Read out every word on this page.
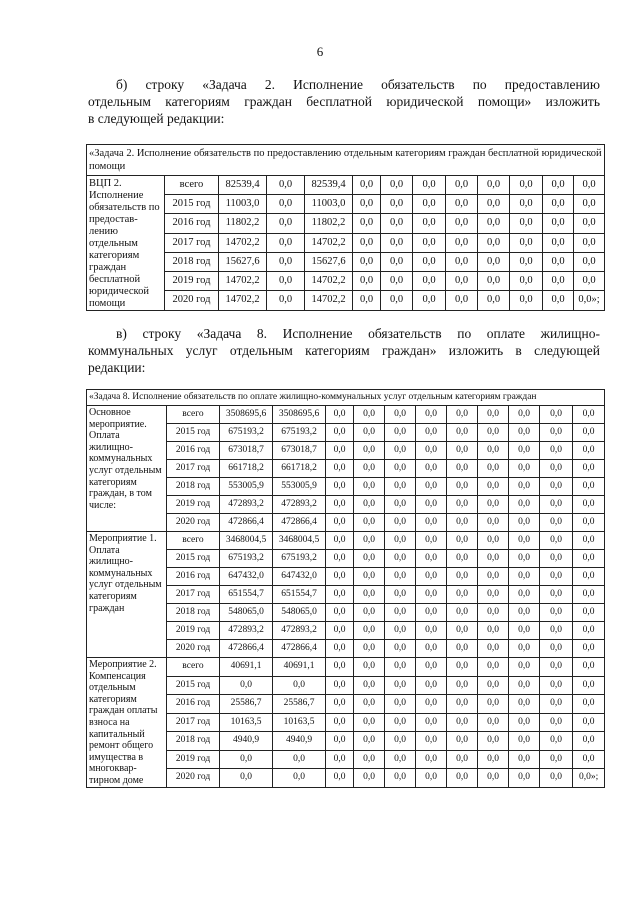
6
б) строку «Задача 2. Исполнение обязательств по предоставлению
отдельным категориям граждан бесплатной юридической помощи» изложить
в следующей редакции:
«Задача 2. Исполнение обязательств по предоставлению отдельным категориям граждан бесплатной юридической помощи												
ВЦП 2. Исполнение обязательств по предостав-лению отдельным категориям граждан бесплатной юридической помощи	всего	82539,4	0,0	82539,4	0,0	0,0	0,0	0,0	0,0	0,0	0,0	0,0
	2015 год	11003,0	0,0	11003,0	0,0	0,0	0,0	0,0	0,0	0,0	0,0	0,0
	2016 год	11802,2	0,0	11802,2	0,0	0,0	0,0	0,0	0,0	0,0	0,0	0,0
	2017 год	14702,2	0,0	14702,2	0,0	0,0	0,0	0,0	0,0	0,0	0,0	0,0
	2018 год	15627,6	0,0	15627,6	0,0	0,0	0,0	0,0	0,0	0,0	0,0	0,0
	2019 год	14702,2	0,0	14702,2	0,0	0,0	0,0	0,0	0,0	0,0	0,0	0,0
	2020 год	14702,2	0,0	14702,2	0,0	0,0	0,0	0,0	0,0	0,0	0,0	0,0»;
в) строку «Задача 8. Исполнение обязательств по оплате жилищно-
коммунальных услуг отдельным категориям граждан» изложить в следующей
редакции:
«Задача 8. Исполнение обязательств по оплате жилищно-коммунальных услуг отдельным категориям граждан												
Основное мероприятие. Оплата жилищно-коммунальных услуг отдельным категориям граждан, в том числе:	всего	3508695,6	3508695,6	0,0	0,0	0,0	0,0	0,0	0,0	0,0	0,0	0,0
	2015 год	675193,2	675193,2	0,0	0,0	0,0	0,0	0,0	0,0	0,0	0,0	0,0
	2016 год	673018,7	673018,7	0,0	0,0	0,0	0,0	0,0	0,0	0,0	0,0	0,0
	2017 год	661718,2	661718,2	0,0	0,0	0,0	0,0	0,0	0,0	0,0	0,0	0,0
	2018 год	553005,9	553005,9	0,0	0,0	0,0	0,0	0,0	0,0	0,0	0,0	0,0
	2019 год	472893,2	472893,2	0,0	0,0	0,0	0,0	0,0	0,0	0,0	0,0	0,0
	2020 год	472866,4	472866,4	0,0	0,0	0,0	0,0	0,0	0,0	0,0	0,0	0,0
Мероприятие 1. Оплата жилищно-коммунальных услуг отдельным категориям граждан	всего	3468004,5	3468004,5	0,0	0,0	0,0	0,0	0,0	0,0	0,0	0,0	0,0
	2015 год	675193,2	675193,2	0,0	0,0	0,0	0,0	0,0	0,0	0,0	0,0	0,0
	2016 год	647432,0	647432,0	0,0	0,0	0,0	0,0	0,0	0,0	0,0	0,0	0,0
	2017 год	651554,7	651554,7	0,0	0,0	0,0	0,0	0,0	0,0	0,0	0,0	0,0
	2018 год	548065,0	548065,0	0,0	0,0	0,0	0,0	0,0	0,0	0,0	0,0	0,0
	2019 год	472893,2	472893,2	0,0	0,0	0,0	0,0	0,0	0,0	0,0	0,0	0,0
	2020 год	472866,4	472866,4	0,0	0,0	0,0	0,0	0,0	0,0	0,0	0,0	0,0
Мероприятие 2. Компенсация отдельным категориям граждан оплаты взноса на капитальный ремонт общего имущества в многоквар-тирном доме	всего	40691,1	40691,1	0,0	0,0	0,0	0,0	0,0	0,0	0,0	0,0	0,0
	2015 год	0,0	0,0	0,0	0,0	0,0	0,0	0,0	0,0	0,0	0,0	0,0
	2016 год	25586,7	25586,7	0,0	0,0	0,0	0,0	0,0	0,0	0,0	0,0	0,0
	2017 год	10163,5	10163,5	0,0	0,0	0,0	0,0	0,0	0,0	0,0	0,0	0,0
	2018 год	4940,9	4940,9	0,0	0,0	0,0	0,0	0,0	0,0	0,0	0,0	0,0
	2019 год	0,0	0,0	0,0	0,0	0,0	0,0	0,0	0,0	0,0	0,0	0,0
	2020 год	0,0	0,0	0,0	0,0	0,0	0,0	0,0	0,0	0,0	0,0	0,0»;
